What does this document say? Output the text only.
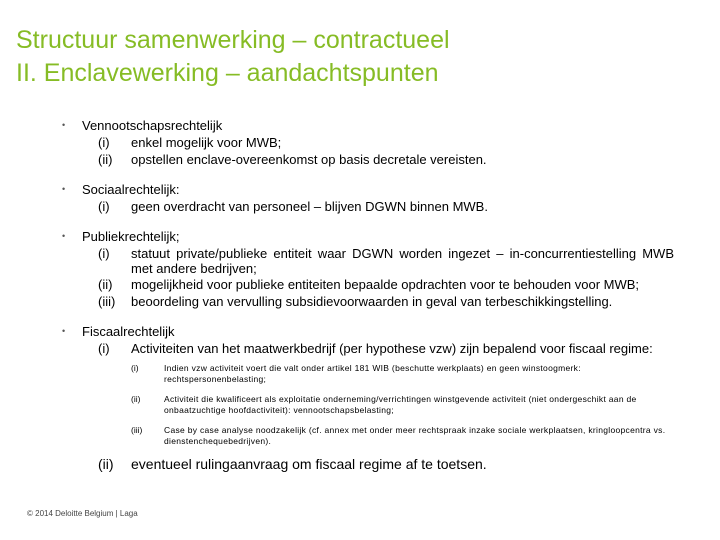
Structuur samenwerking – contractueel
II. Enclavewerking – aandachtspunten
• Vennootschapsrechtelijk
(i)	enkel mogelijk voor MWB;
(ii)	opstellen enclave-overeenkomst op basis decretale vereisten.
• Sociaalrechtelijk:
(i)	geen overdracht van personeel – blijven DGWN binnen MWB.
• Publiekrechtelijk;
(i)	statuut private/publieke entiteit waar DGWN worden ingezet – in-concurrentiestelling MWB met andere bedrijven;
(ii)	mogelijkheid voor publieke entiteiten bepaalde opdrachten voor te behouden voor MWB;
(iii)	beoordeling van vervulling subsidievoorwaarden in geval van terbeschikkingstelling.
• Fiscaalrechtelijk
(i)	Activiteiten van het maatwerkbedrijf (per hypothese vzw) zijn bepalend voor fiscaal regime:
(i)	Indien vzw activiteit voert die valt onder artikel 181 WIB (beschutte werkplaats) en geen winstoogmerk: rechtspersonenbelasting;
(ii)	Activiteit die kwalificeert als exploitatie onderneming/verrichtingen winstgevende activiteit (niet ondergeschikt aan de onbaatzuchtige hoofdactiviteit): vennootschapsbelasting;
(iii)	Case by case analyse noodzakelijk (cf. annex met onder meer rechtspraak inzake sociale werkplaatsen, kringloopcentra vs. dienstenchequebedrijven).
(ii)	eventueel rulingaanvraag om fiscaal regime af te toetsen.
© 2014 Deloitte Belgium | Laga
